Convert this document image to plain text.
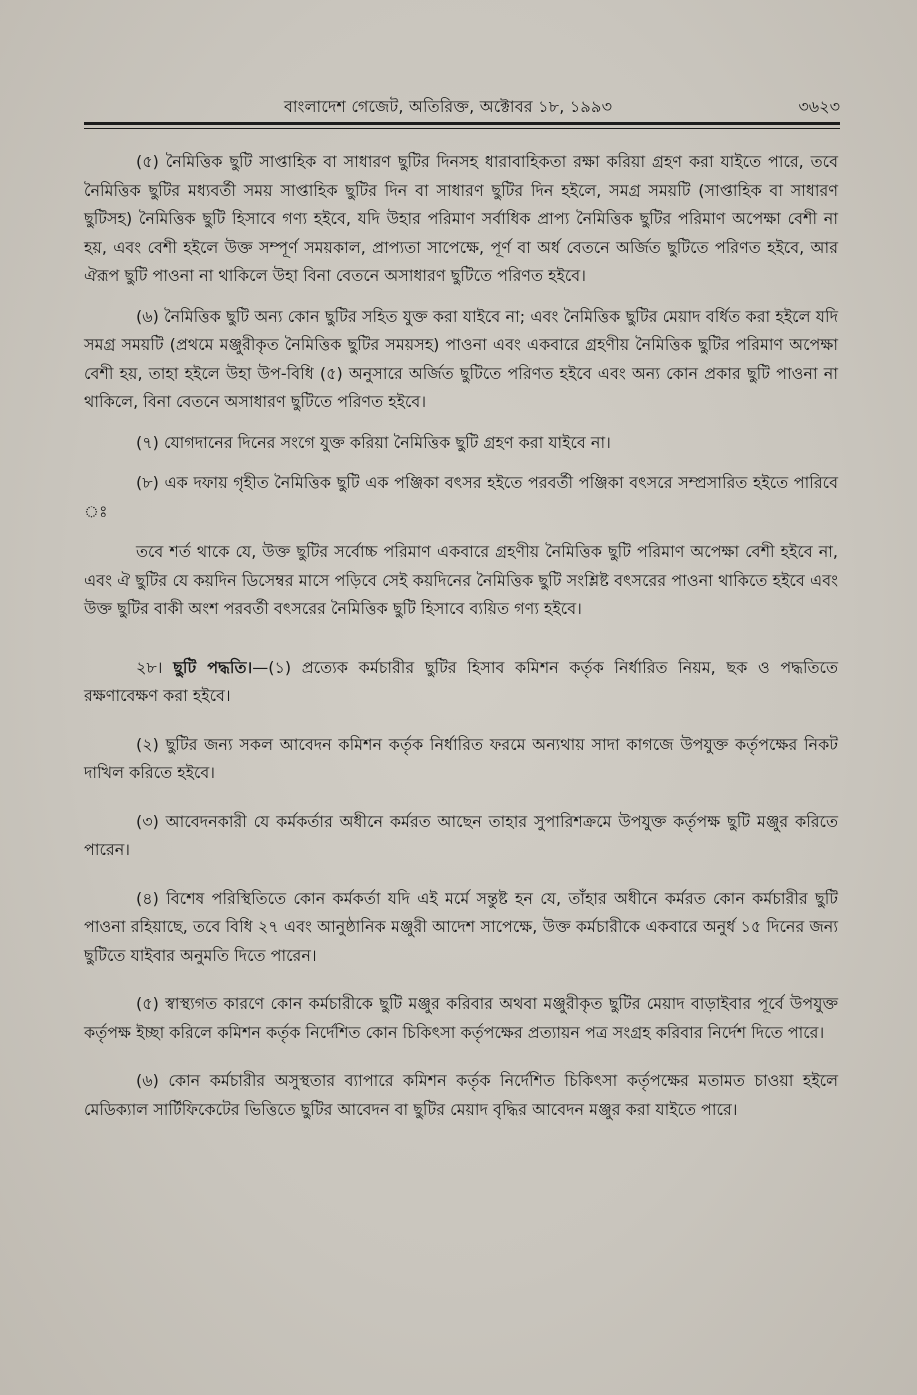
বাংলাদেশ গেজেট, অতিরিক্ত, অক্টোবর ১৮, ১৯৯৩	৩৬২৩

(৫) নৈমিত্তিক ছুটি সাপ্তাহিক বা সাধারণ ছুটির দিনসহ ধারাবাহিকতা রক্ষা করিয়া গ্রহণ করা যাইতে পারে, তবে নৈমিত্তিক ছুটির মধ্যবর্তী সময় সাপ্তাহিক ছুটির দিন বা সাধারণ ছুটির দিন হইলে, সমগ্র সময়টি (সাপ্তাহিক বা সাধারণ ছুটিসহ) নৈমিত্তিক ছুটি হিসাবে গণ্য হইবে, যদি উহার পরিমাণ সর্বাধিক প্রাপ্য নৈমিত্তিক ছুটির পরিমাণ অপেক্ষা বেশী না হয়, এবং বেশী হইলে উক্ত সম্পূর্ণ সময়কাল, প্রাপ্যতা সাপেক্ষে, পূর্ণ বা অর্ধ বেতনে অর্জিত ছুটিতে পরিণত হইবে, আর ঐরূপ ছুটি পাওনা না থাকিলে উহা বিনা বেতনে অসাধারণ ছুটিতে পরিণত হইবে।

(৬) নৈমিত্তিক ছুটি অন্য কোন ছুটির সহিত যুক্ত করা যাইবে না; এবং নৈমিত্তিক ছুটির মেয়াদ বর্ধিত করা হইলে যদি সমগ্র সময়টি (প্রথমে মঞ্জুরীকৃত নৈমিত্তিক ছুটির সময়সহ) পাওনা এবং একবারে গ্রহণীয় নৈমিত্তিক ছুটির পরিমাণ অপেক্ষা বেশী হয়, তাহা হইলে উহা উপ-বিধি (৫) অনুসারে অর্জিত ছুটিতে পরিণত হইবে এবং অন্য কোন প্রকার ছুটি পাওনা না থাকিলে, বিনা বেতনে অসাধারণ ছুটিতে পরিণত হইবে।

(৭) যোগদানের দিনের সংগে যুক্ত করিয়া নৈমিত্তিক ছুটি গ্রহণ করা যাইবে না।

(৮) এক দফায় গৃহীত নৈমিত্তিক ছুটি এক পঞ্জিকা বৎসর হইতে পরবর্তী পঞ্জিকা বৎসরে সম্প্রসারিত হইতে পারিবে ঃ

তবে শর্ত থাকে যে, উক্ত ছুটির সর্বোচ্চ পরিমাণ একবারে গ্রহণীয় নৈমিত্তিক ছুটি পরিমাণ অপেক্ষা বেশী হইবে না, এবং ঐ ছুটির যে কয়দিন ডিসেম্বর মাসে পড়িবে সেই কয়দিনের নৈমিত্তিক ছুটি সংশ্লিষ্ট বৎসরের পাওনা থাকিতে হইবে এবং উক্ত ছুটির বাকী অংশ পরবর্তী বৎসরের নৈমিত্তিক ছুটি হিসাবে ব্যয়িত গণ্য হইবে।

২৮। ছুটি পদ্ধতি।—(১) প্রত্যেক কর্মচারীর ছুটির হিসাব কমিশন কর্তৃক নির্ধারিত নিয়ম, ছক ও পদ্ধতিতে রক্ষণাবেক্ষণ করা হইবে।

(২) ছুটির জন্য সকল আবেদন কমিশন কর্তৃক নির্ধারিত ফরমে অন্যথায় সাদা কাগজে উপযুক্ত কর্তৃপক্ষের নিকট দাখিল করিতে হইবে।

(৩) আবেদনকারী যে কর্মকর্তার অধীনে কর্মরত আছেন তাহার সুপারিশক্রমে উপযুক্ত কর্তৃপক্ষ ছুটি মঞ্জুর করিতে পারেন।

(৪) বিশেষ পরিস্থিতিতে কোন কর্মকর্তা যদি এই মর্মে সন্তুষ্ট হন যে, তাঁহার অধীনে কর্মরত কোন কর্মচারীর ছুটি পাওনা রহিয়াছে, তবে বিধি ২৭ এবং আনুষ্ঠানিক মঞ্জুরী আদেশ সাপেক্ষে, উক্ত কর্মচারীকে একবারে অনুর্ধ ১৫ দিনের জন্য ছুটিতে যাইবার অনুমতি দিতে পারেন।

(৫) স্বাস্থ্যগত কারণে কোন কর্মচারীকে ছুটি মঞ্জুর করিবার অথবা মঞ্জুরীকৃত ছুটির মেয়াদ বাড়াইবার পূর্বে উপযুক্ত কর্তৃপক্ষ ইচ্ছা করিলে কমিশন কর্তৃক নির্দেশিত কোন চিকিৎসা কর্তৃপক্ষের প্রত্যায়ন পত্র সংগ্রহ করিবার নির্দেশ দিতে পারে।

(৬) কোন কর্মচারীর অসুস্থতার ব্যাপারে কমিশন কর্তৃক নির্দেশিত চিকিৎসা কর্তৃপক্ষের মতামত চাওয়া হইলে মেডিক্যাল সার্টিফিকেটের ভিত্তিতে ছুটির আবেদন বা ছুটির মেয়াদ বৃদ্ধির আবেদন মঞ্জুর করা যাইতে পারে।
